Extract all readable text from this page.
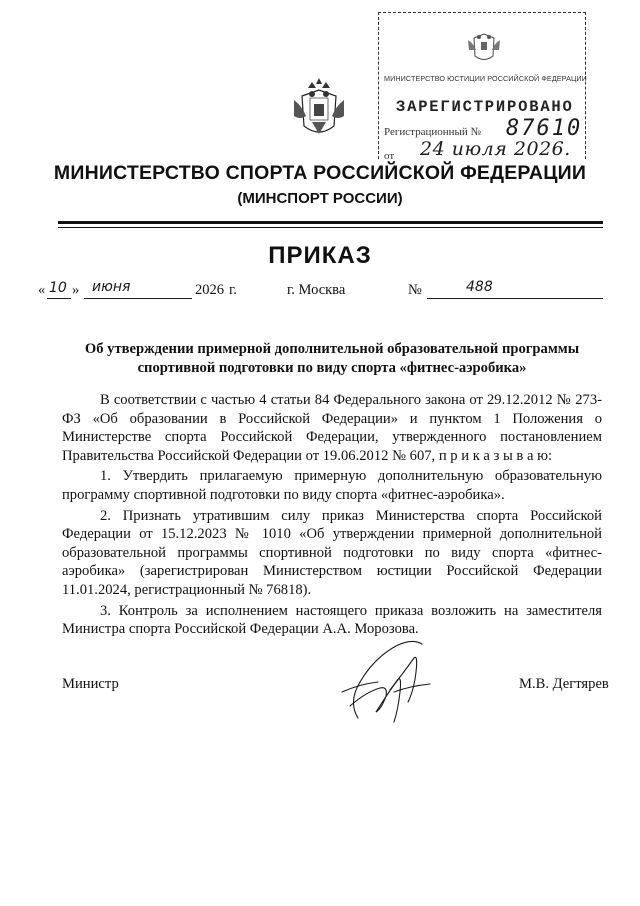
МИНИСТЕРСТВО ЮСТИЦИИ РОССИЙСКОЙ ФЕДЕРАЦИИ
ЗАРЕГИСТРИРОВАНО
Регистрационный № 87610
от 24 июля 2026.
МИНИСТЕРСТВО СПОРТА РОССИЙСКОЙ ФЕДЕРАЦИИ
(МИНСПОРТ РОССИИ)
ПРИКАЗ
« 10 » июня	2026 г.	г. Москва	№	488
Об утверждении примерной дополнительной образовательной программы спортивной подготовки по виду спорта «фитнес-аэробика»

В соответствии с частью 4 статьи 84 Федерального закона от 29.12.2012 № 273-ФЗ «Об образовании в Российской Федерации» и пунктом 1 Положения о Министерстве спорта Российской Федерации, утвержденного постановлением Правительства Российской Федерации от 19.06.2012 № 607, п р и к а з ы в а ю:

1. Утвердить прилагаемую примерную дополнительную образовательную программу спортивной подготовки по виду спорта «фитнес-аэробика».

2. Признать утратившим силу приказ Министерства спорта Российской Федерации от 15.12.2023 № 1010 «Об утверждении примерной дополнительной образовательной программы спортивной подготовки по виду спорта «фитнес-аэробика» (зарегистрирован Министерством юстиции Российской Федерации 11.01.2024, регистрационный № 76818).

3. Контроль за исполнением настоящего приказа возложить на заместителя Министра спорта Российской Федерации А.А. Морозова.

Министр	М.В. Дегтярев
